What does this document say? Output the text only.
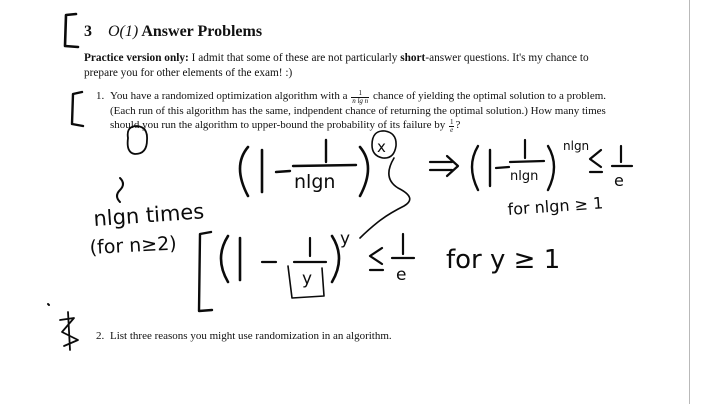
3 O(1) Answer Problems
Practice version only: I admit that some of these are not particularly short-answer questions. It's my chance to prepare you for other elements of the exam! :)
1. You have a randomized optimization algorithm with a $\frac{1}{\text{n lg n}}$ chance of yielding the optimal solution to a problem. (Each run of this algorithm has the same, indpendent chance of returning the optimal solution.) How many times should you run the algorithm to upper-bound the probability of its failure by $\frac{1}{e}$ ?
2. List three reasons you might use randomization in an algorithm.
nlgn
x
nlgn
nlgn
e
for nlgn ≥ 1
nlgn times
(for n≥2)
y
y
e for y ≥ 1
